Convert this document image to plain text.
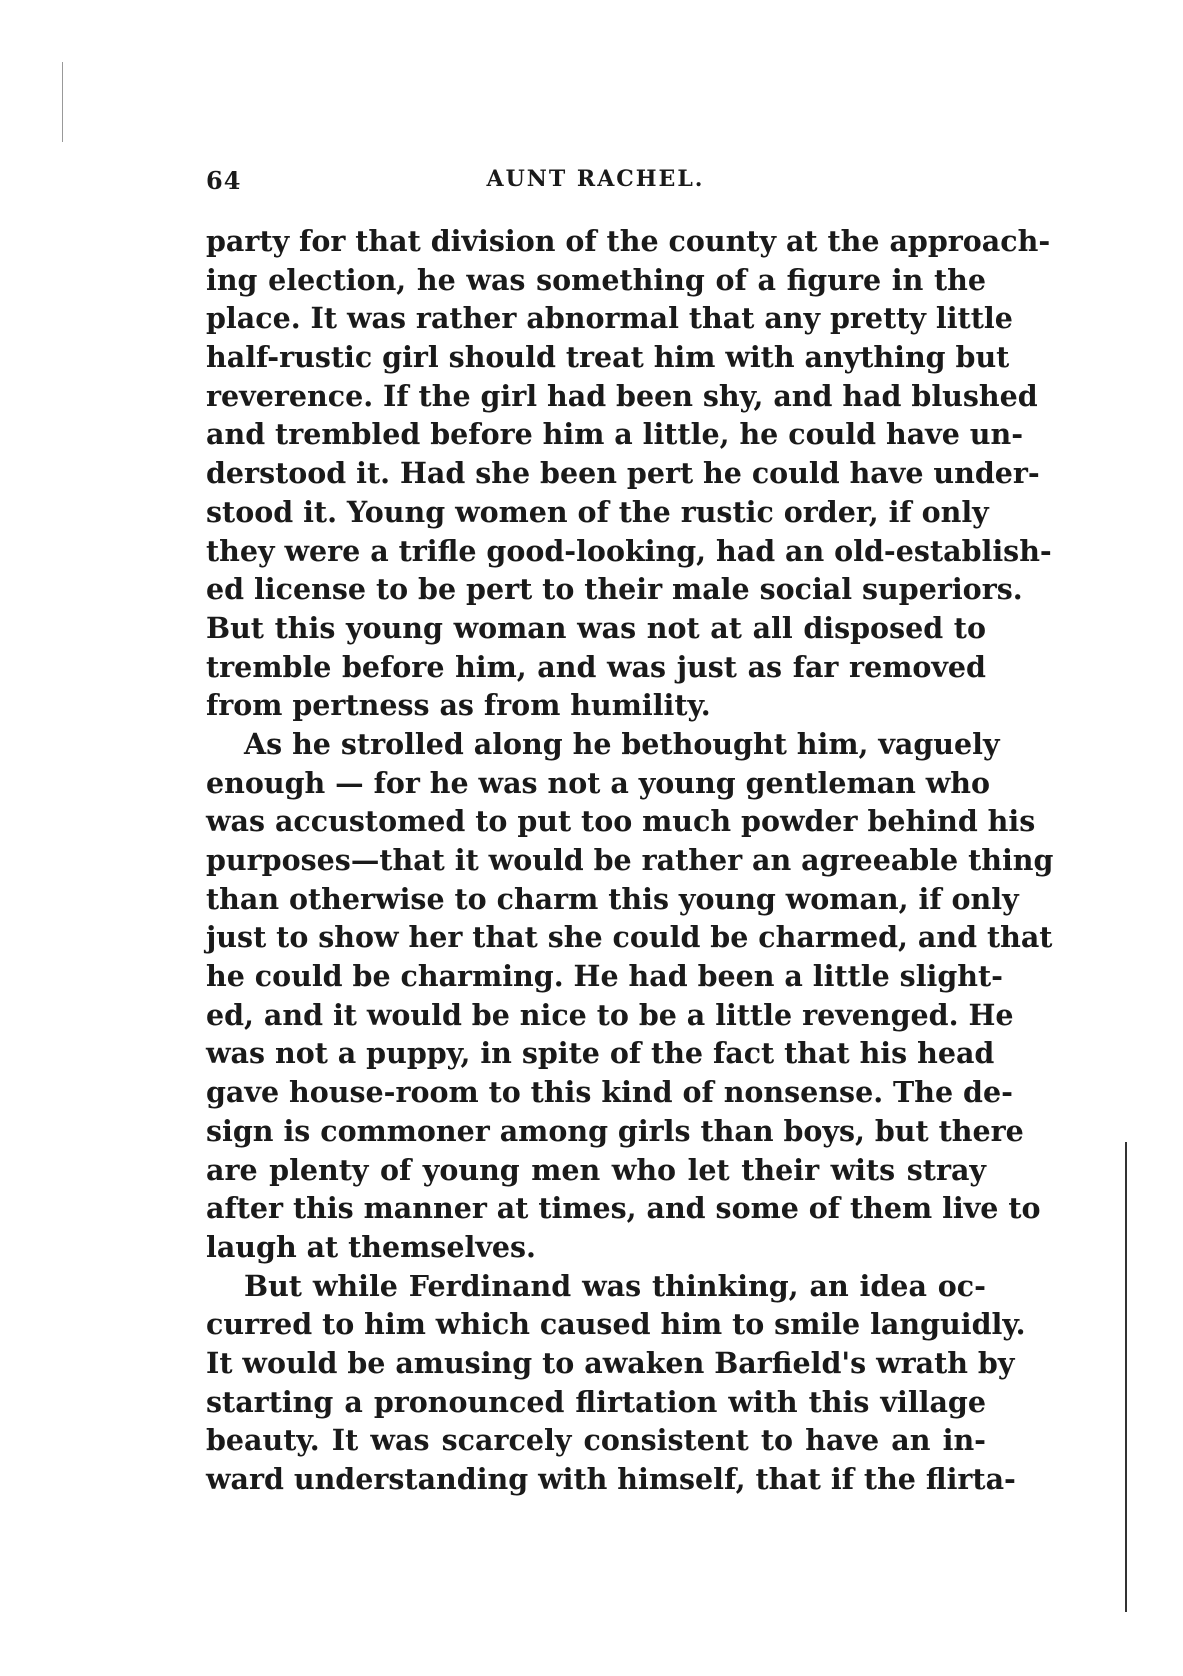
64	AUNT RACHEL.
party for that division of the county at the approach-
ing election, he was something of a figure in the
place. It was rather abnormal that any pretty little
half-rustic girl should treat him with anything but
reverence. If the girl had been shy, and had blushed
and trembled before him a little, he could have un-
derstood it. Had she been pert he could have under-
stood it. Young women of the rustic order, if only
they were a trifle good-looking, had an old-establish-
ed license to be pert to their male social superiors.
But this young woman was not at all disposed to
tremble before him, and was just as far removed
from pertness as from humility.
As he strolled along he bethought him, vaguely
enough — for he was not a young gentleman who
was accustomed to put too much powder behind his
purposes—that it would be rather an agreeable thing
than otherwise to charm this young woman, if only
just to show her that she could be charmed, and that
he could be charming. He had been a little slight-
ed, and it would be nice to be a little revenged. He
was not a puppy, in spite of the fact that his head
gave house-room to this kind of nonsense. The de-
sign is commoner among girls than boys, but there
are plenty of young men who let their wits stray
after this manner at times, and some of them live to
laugh at themselves.
But while Ferdinand was thinking, an idea oc-
curred to him which caused him to smile languidly.
It would be amusing to awaken Barfield's wrath by
starting a pronounced flirtation with this village
beauty. It was scarcely consistent to have an in-
ward understanding with himself, that if the flirta-
